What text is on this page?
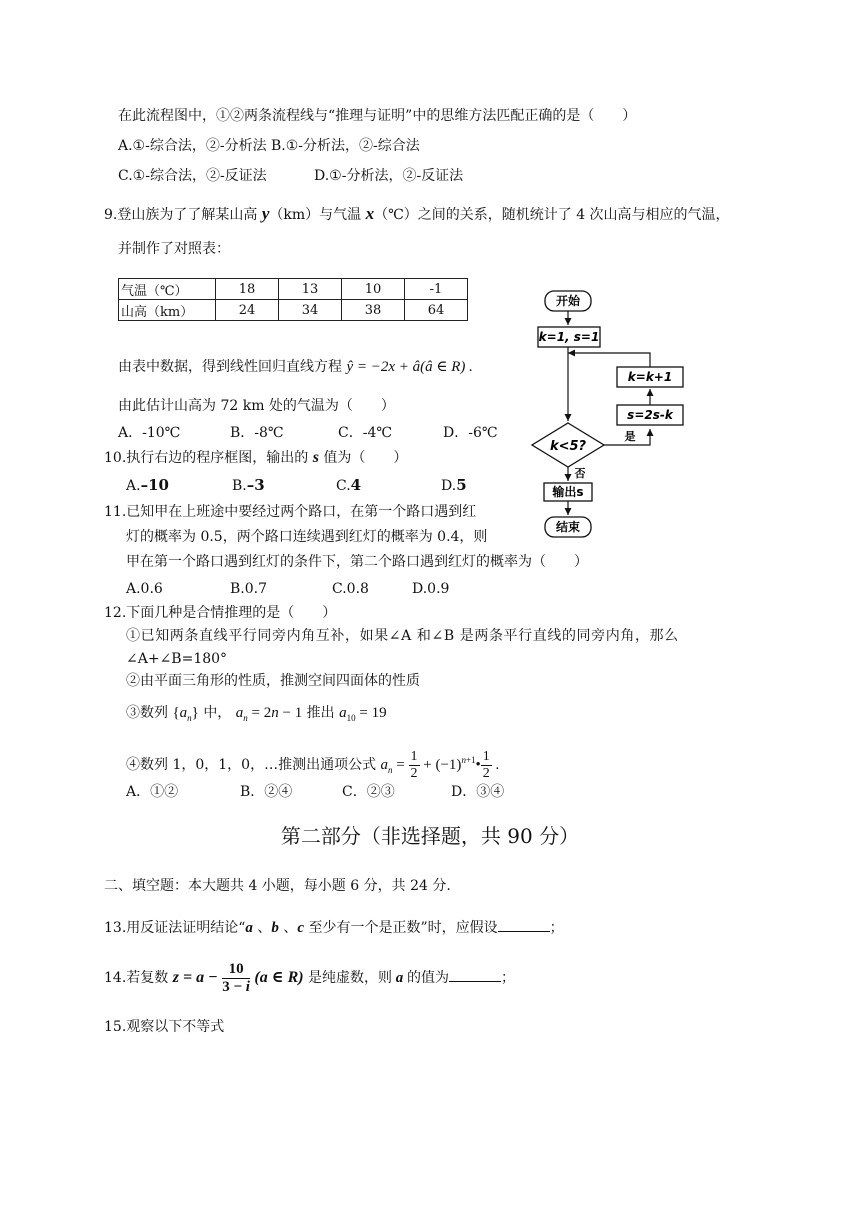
在此流程图中，①②两条流程线与“推理与证明”中的思维方法匹配正确的是（　　）
A.①-综合法，②-分析法 B.①-分析法，②-综合法
C.①-综合法，②-反证法	D.①-分析法，②-反证法
9.登山族为了了解某山高 y（km）与气温 x（℃）之间的关系，随机统计了 4 次山高与相应的气温，
并制作了对照表：
气温（℃）	18	13	10	-1
山高（km）	24	34	38	64
由表中数据，得到线性回归直线方程 ŷ = −2x + â(â ∈ R) .
由此估计山高为 72 km 处的气温为（　　）
A．-10℃	B．-8℃	C．-4℃	D．-6℃
10.执行右边的程序框图，输出的 s 值为（　　）
A.–10	B.–3	C.4	D.5
开始
k=1, s=1
k<5?
是
s=2s-k
k=k+1
否
输出s
结束
11.已知甲在上班途中要经过两个路口，在第一个路口遇到红
灯的概率为 0.5，两个路口连续遇到红灯的概率为 0.4，则
甲在第一个路口遇到红灯的条件下，第二个路口遇到红灯的概率为（　　）
A.0.6	B.0.7	C.0.8	D.0.9
12.下面几种是合情推理的是（　　）
①已知两条直线平行同旁内角互补，如果∠A 和∠B 是两条平行直线的同旁内角，那么
∠A+∠B=180°
②由平面三角形的性质，推测空间四面体的性质
③数列 $\{a_n\}$ 中， $a_n = 2n - 1$ 推出 $a_{10} = 19$
④数列 1，0，1，0，…推测出通项公式 $a_n = \frac{1}{2}$ + $(-1)^{n+1}• \frac{1}{2}$ .
A．①②	B．②④	C．②③	D．③④
第二部分（非选择题，共 90 分）
二、填空题：本大题共 4 小题，每小题 6 分，共 24 分.
13.用反证法证明结论“a 、b 、c 至少有一个是正数”时，应假设	；
14.若复数 $z = a - \frac{10}{3 - i} (a$ ∈ R) 是纯虚数，则 a 的值为	；
15.观察以下不等式
